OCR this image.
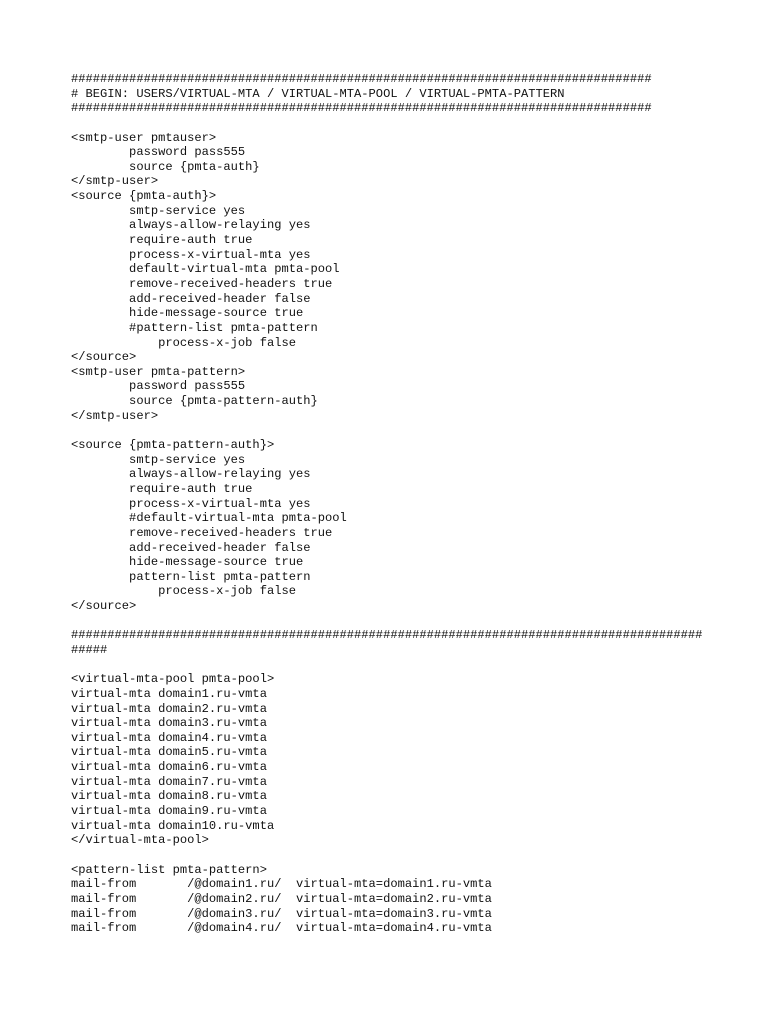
################################################################################
# BEGIN: USERS/VIRTUAL-MTA / VIRTUAL-MTA-POOL / VIRTUAL-PMTA-PATTERN
################################################################################
<smtp-user pmtauser>
password pass555
source {pmta-auth}
</smtp-user>
<source {pmta-auth}>
smtp-service yes
always-allow-relaying yes
require-auth true
process-x-virtual-mta yes
default-virtual-mta pmta-pool
remove-received-headers true
add-received-header false
hide-message-source true
#pattern-list pmta-pattern
process-x-job false
</source>
<smtp-user pmta-pattern>
password pass555
source {pmta-pattern-auth}
</smtp-user>
<source {pmta-pattern-auth}>
smtp-service yes
always-allow-relaying yes
require-auth true
process-x-virtual-mta yes
#default-virtual-mta pmta-pool
remove-received-headers true
add-received-header false
hide-message-source true
pattern-list pmta-pattern
process-x-job false
</source>
#######################################################################################
#####
<virtual-mta-pool pmta-pool>
virtual-mta domain1.ru-vmta
virtual-mta domain2.ru-vmta
virtual-mta domain3.ru-vmta
virtual-mta domain4.ru-vmta
virtual-mta domain5.ru-vmta
virtual-mta domain6.ru-vmta
virtual-mta domain7.ru-vmta
virtual-mta domain8.ru-vmta
virtual-mta domain9.ru-vmta
virtual-mta domain10.ru-vmta
</virtual-mta-pool>
<pattern-list pmta-pattern>
mail-from       /@domain1.ru/  virtual-mta=domain1.ru-vmta
mail-from       /@domain2.ru/  virtual-mta=domain2.ru-vmta
mail-from       /@domain3.ru/  virtual-mta=domain3.ru-vmta
mail-from       /@domain4.ru/  virtual-mta=domain4.ru-vmta
